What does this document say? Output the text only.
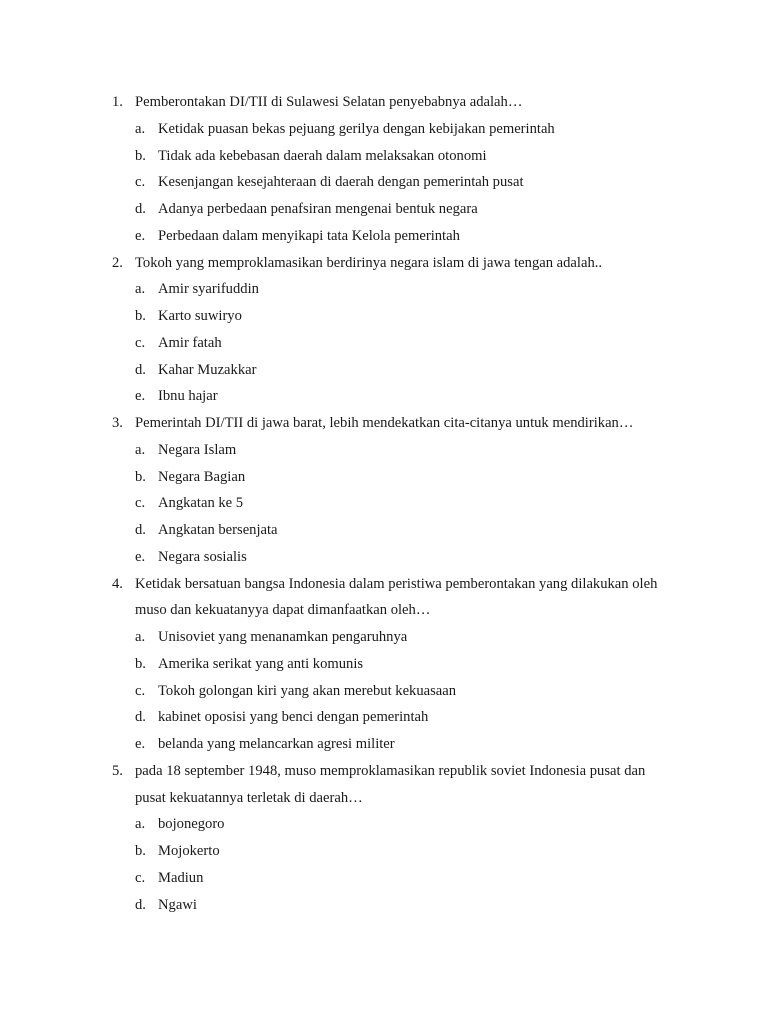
1. Pemberontakan DI/TII di Sulawesi Selatan penyebabnya adalah…
a. Ketidak puasan bekas pejuang gerilya dengan kebijakan pemerintah
b. Tidak ada kebebasan daerah dalam melaksakan otonomi
c. Kesenjangan kesejahteraan di daerah dengan pemerintah pusat
d. Adanya perbedaan penafsiran mengenai bentuk negara
e. Perbedaan dalam menyikapi tata Kelola pemerintah
2. Tokoh yang memproklamasikan berdirinya negara islam di jawa tengan adalah..
a. Amir syarifuddin
b. Karto suwiryo
c. Amir fatah
d. Kahar Muzakkar
e. Ibnu hajar
3. Pemerintah DI/TII di jawa barat, lebih mendekatkan cita-citanya untuk mendirikan…
a. Negara Islam
b. Negara Bagian
c. Angkatan ke 5
d. Angkatan bersenjata
e. Negara sosialis
4. Ketidak bersatuan bangsa Indonesia dalam peristiwa pemberontakan yang dilakukan oleh
muso dan kekuatanyya dapat dimanfaatkan oleh…
a. Unisoviet yang menanamkan pengaruhnya
b. Amerika serikat yang anti komunis
c. Tokoh golongan kiri yang akan merebut kekuasaan
d. kabinet oposisi yang benci dengan pemerintah
e. belanda yang melancarkan agresi militer
5. pada 18 september 1948, muso memproklamasikan republik soviet Indonesia pusat dan
pusat kekuatannya terletak di daerah…
a. bojonegoro
b. Mojokerto
c. Madiun
d. Ngawi
